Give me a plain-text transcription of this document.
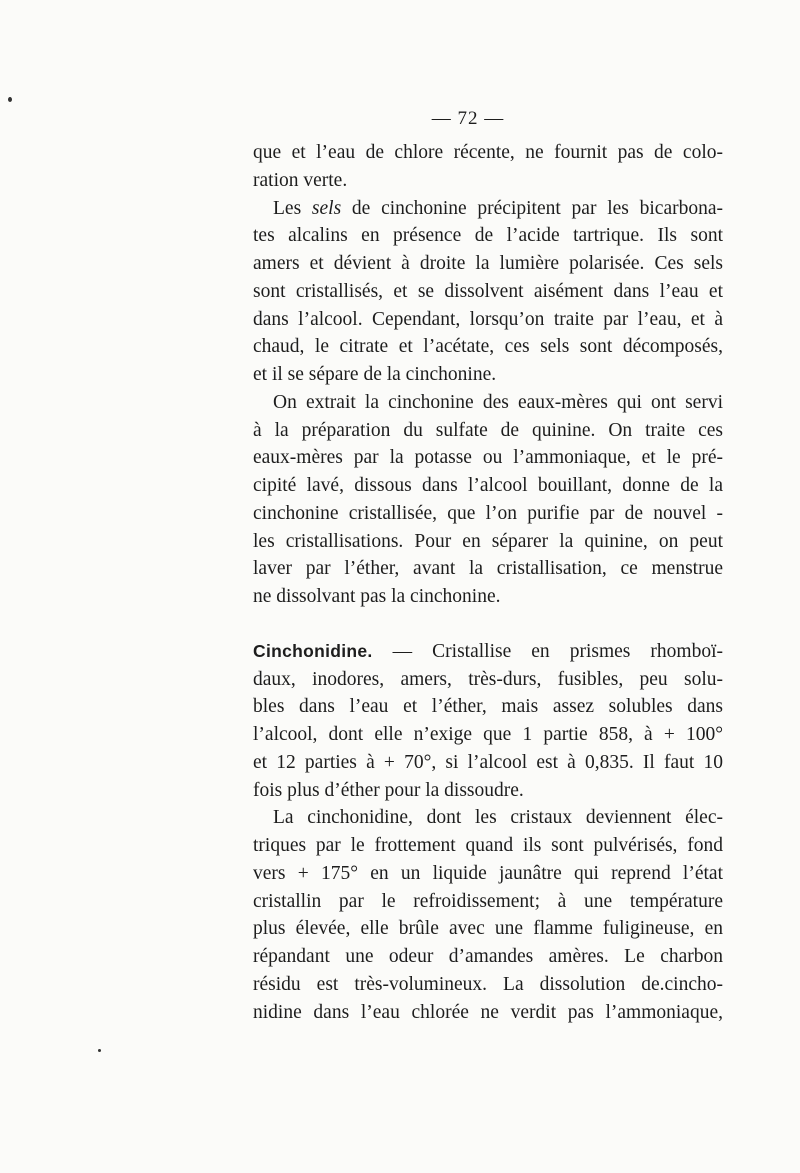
— 72 —
que et l’eau de chlore récente, ne fournit pas de colo-
ration verte.
Les sels de cinchonine précipitent par les bicarbona-
tes alcalins en présence de l’acide tartrique. Ils sont
amers et dévient à droite la lumière polarisée. Ces sels
sont cristallisés, et se dissolvent aisément dans l’eau et
dans l’alcool. Cependant, lorsqu’on traite par l’eau, et à
chaud, le citrate et l’acétate, ces sels sont décomposés,
et il se sépare de la cinchonine.
On extrait la cinchonine des eaux-mères qui ont servi
à la préparation du sulfate de quinine. On traite ces
eaux-mères par la potasse ou l’ammoniaque, et le pré-
cipité lavé, dissous dans l’alcool bouillant, donne de la
cinchonine cristallisée, que l’on purifie par de nouvel -
les cristallisations. Pour en séparer la quinine, on peut
laver par l’éther, avant la cristallisation, ce menstrue
ne dissolvant pas la cinchonine.
Cinchonidine. — Cristallise en prismes rhomboï-
daux, inodores, amers, très-durs, fusibles, peu solu-
bles dans l’eau et l’éther, mais assez solubles dans
l’alcool, dont elle n’exige que 1 partie 858, à + 100°
et 12 parties à + 70°, si l’alcool est à 0,835. Il faut 10
fois plus d’éther pour la dissoudre.
La cinchonidine, dont les cristaux deviennent élec-
triques par le frottement quand ils sont pulvérisés, fond
vers + 175° en un liquide jaunâtre qui reprend l’état
cristallin par le refroidissement; à une température
plus élevée, elle brûle avec une flamme fuligineuse, en
répandant une odeur d’amandes amères. Le charbon
résidu est très-volumineux. La dissolution de.cincho-
nidine dans l’eau chlorée ne verdit pas l’ammoniaque,
